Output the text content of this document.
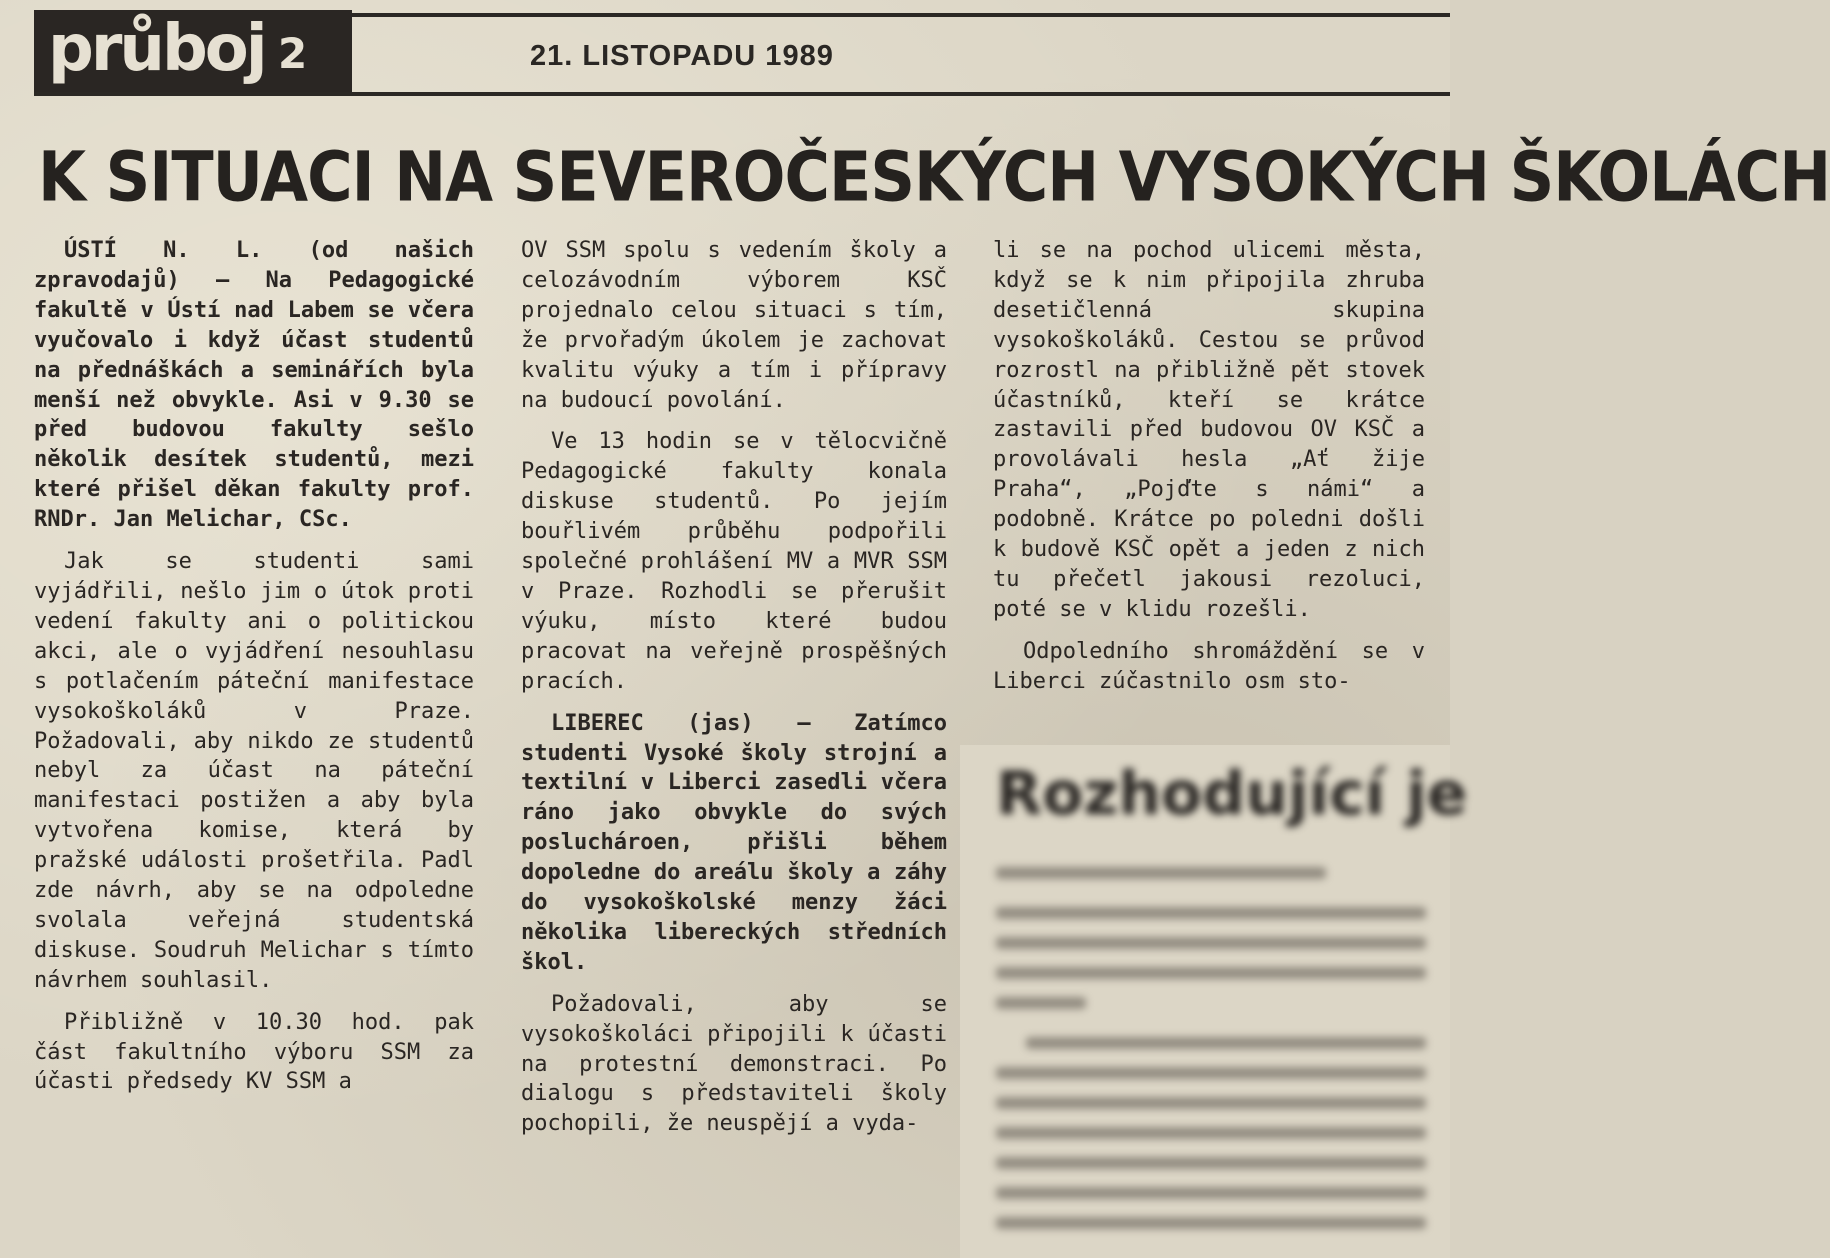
průboj 2	21. LISTOPADU 1989
K SITUACI NA SEVEROČESKÝCH VYSOKÝCH ŠKOLÁCH

ÚSTÍ N. L. (od našich zpravodajů) — Na Pedagogické fakultě v Ústí nad Labem se včera vyučovalo i když účast studentů na přednáškách a seminářích byla menší než obvykle. Asi v 9.30 se před budovou fakulty sešlo několik desítek studentů, mezi které přišel děkan fakulty prof. RNDr. Jan Melichar, CSc.

Jak se studenti sami vyjádřili, nešlo jim o útok proti vedení fakulty ani o politickou akci, ale o vyjádření nesouhlasu s potlačením páteční manifestace vysokoškoláků v Praze. Požadovali, aby nikdo ze studentů nebyl za účast na páteční manifestaci postižen a aby byla vytvořena komise, která by pražské události prošetřila. Padl zde návrh, aby se na odpoledne svolala veřejná studentská diskuse. Soudruh Melichar s tímto návrhem souhlasil.

Přibližně v 10.30 hod. pak část fakultního výboru SSM za účasti předsedy KV SSM a

OV SSM spolu s vedením školy a celozávodním výborem KSČ projednalo celou situaci s tím, že prvořadým úkolem je zachovat kvalitu výuky a tím i přípravy na budoucí povolání.

Ve 13 hodin se v tělocvičně Pedagogické fakulty konala diskuse studentů. Po jejím bouřlivém průběhu podpořili společné prohlášení MV a MVR SSM v Praze. Rozhodli se přerušit výuku, místo které budou pracovat na veřejně prospěšných pracích.

LIBEREC (jas) — Zatímco studenti Vysoké školy strojní a textilní v Liberci zasedli včera ráno jako obvykle do svých posluchároen, přišli během dopoledne do areálu školy a záhy do vysokoškolské menzy žáci několika libereckých středních škol.

Požadovali, aby se vysokoškoláci připojili k účasti na protestní demonstraci. Po dialogu s představiteli školy pochopili, že neuspějí a vyda-

li se na pochod ulicemi města, když se k nim připojila zhruba desetičlenná skupina vysokoškoláků. Cestou se průvod rozrostl na přibližně pět stovek účastníků, kteří se krátce zastavili před budovou OV KSČ a provolávali hesla „Ať žije Praha“, „Pojďte s námi“ a podobně. Krátce po poledni došli k budově KSČ opět a jeden z nich tu přečetl jakousi rezoluci, poté se v klidu rozešli.

Odpoledního shromáždění se v Liberci zúčastnilo osm sto-

Rozhodující je
